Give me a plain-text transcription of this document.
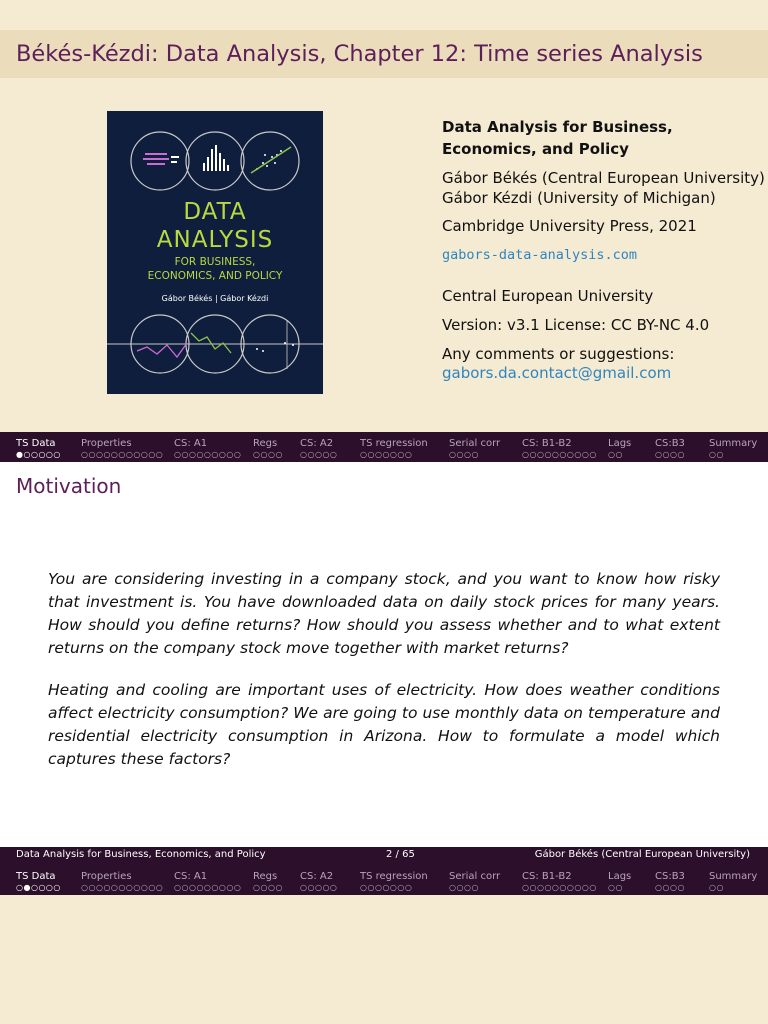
Békés-Kézdi: Data Analysis, Chapter 12: Time series Analysis
DATA
ANALYSIS
FOR BUSINESS,
ECONOMICS, AND POLICY
Gábor Békés | Gábor Kézdi
Data Analysis for Business, Economics, and Policy
Gábor Békés (Central European University)
Gábor Kézdi (University of Michigan)
Cambridge University Press, 2021
gabors-data-analysis.com
Central European University
Version: v3.1 License: CC BY-NC 4.0
Any comments or suggestions:
gabors.da.contact@gmail.com
TS Data
●○○○○○
Properties
○○○○○○○○○○○
CS: A1
○○○○○○○○○
Regs
○○○○
CS: A2
○○○○○
TS regression
○○○○○○○
Serial corr
○○○○
CS: B1-B2
○○○○○○○○○○
Lags
○○
CS:B3
○○○○
Summary
○○
Motivation

You are considering investing in a company stock, and you want to know how risky that investment is. You have downloaded data on daily stock prices for many years. How should you define returns? How should you assess whether and to what extent returns on the company stock move together with market returns?

Heating and cooling are important uses of electricity. How does weather conditions affect electricity consumption? We are going to use monthly data on temperature and residential electricity consumption in Arizona. How to formulate a model which captures these factors?

Data Analysis for Business, Economics, and Policy	2 / 65	Gábor Békés (Central European University)
TS Data
○●○○○○
Properties
○○○○○○○○○○○
CS: A1
○○○○○○○○○
Regs
○○○○
CS: A2
○○○○○
TS regression
○○○○○○○
Serial corr
○○○○
CS: B1-B2
○○○○○○○○○○
Lags
○○
CS:B3
○○○○
Summary
○○
